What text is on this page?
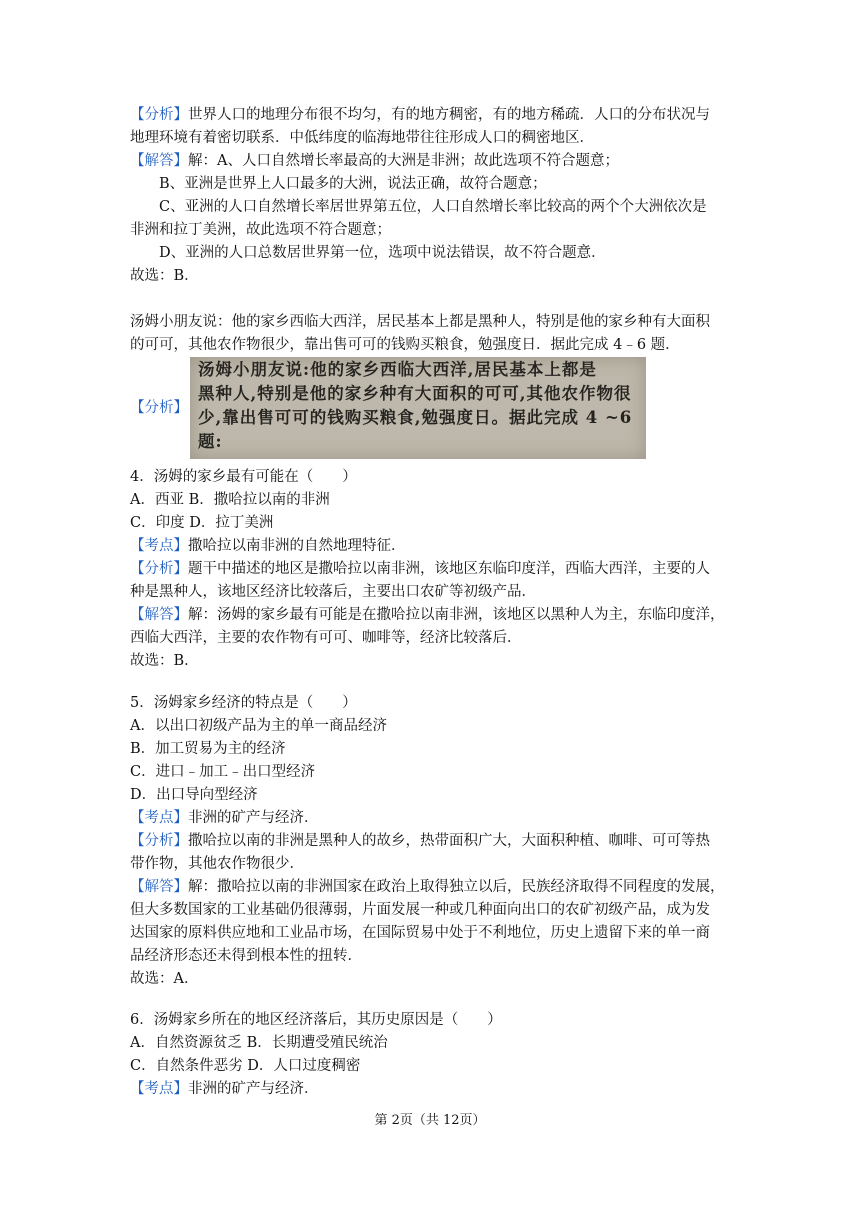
【分析】世界人口的地理分布很不均匀，有的地方稠密，有的地方稀疏．人口的分布状况与
地理环境有着密切联系．中低纬度的临海地带往往形成人口的稠密地区．
【解答】解：A、人口自然增长率最高的大洲是非洲；故此选项不符合题意；
B、亚洲是世界上人口最多的大洲，说法正确，故符合题意；
C、亚洲的人口自然增长率居世界第五位，人口自然增长率比较高的两个个大洲依次是
非洲和拉丁美洲，故此选项不符合题意；
D、亚洲的人口总数居世界第一位，选项中说法错误，故不符合题意．
故选：B．
汤姆小朋友说：他的家乡西临大西洋，居民基本上都是黑种人，特别是他的家乡种有大面积
的可可，其他农作物很少，靠出售可可的钱购买粮食，勉强度日．据此完成 4﹣6 题．
【分析】
汤姆小朋友说:他的家乡西临大西洋,居民基本上都是
黑种人,特别是他的家乡种有大面积的可可,其他农作物很
少,靠出售可可的钱购买粮食,勉强度日。据此完成 4 ~6
题:
4．汤姆的家乡最有可能在（　　）
A．西亚 B．撒哈拉以南的非洲
C．印度 D．拉丁美洲
【考点】撒哈拉以南非洲的自然地理特征．
【分析】题干中描述的地区是撒哈拉以南非洲，该地区东临印度洋，西临大西洋，主要的人
种是黑种人，该地区经济比较落后，主要出口农矿等初级产品．
【解答】解：汤姆的家乡最有可能是在撒哈拉以南非洲，该地区以黑种人为主，东临印度洋，
西临大西洋，主要的农作物有可可、咖啡等，经济比较落后．
故选：B．
5．汤姆家乡经济的特点是（　　）
A．以出口初级产品为主的单一商品经济
B．加工贸易为主的经济
C．进口﹣加工﹣出口型经济
D．出口导向型经济
【考点】非洲的矿产与经济．
【分析】撒哈拉以南的非洲是黑种人的故乡，热带面积广大，大面积种植、咖啡、可可等热
带作物，其他农作物很少．
【解答】解：撒哈拉以南的非洲国家在政治上取得独立以后，民族经济取得不同程度的发展，
但大多数国家的工业基础仍很薄弱，片面发展一种或几种面向出口的农矿初级产品，成为发
达国家的原料供应地和工业品市场，在国际贸易中处于不利地位，历史上遗留下来的单一商
品经济形态还未得到根本性的扭转．
故选：A．
6．汤姆家乡所在的地区经济落后，其历史原因是（　　）
A．自然资源贫乏 B．长期遭受殖民统治
C．自然条件恶劣 D．人口过度稠密
【考点】非洲的矿产与经济．
第 2页（共 12页）
